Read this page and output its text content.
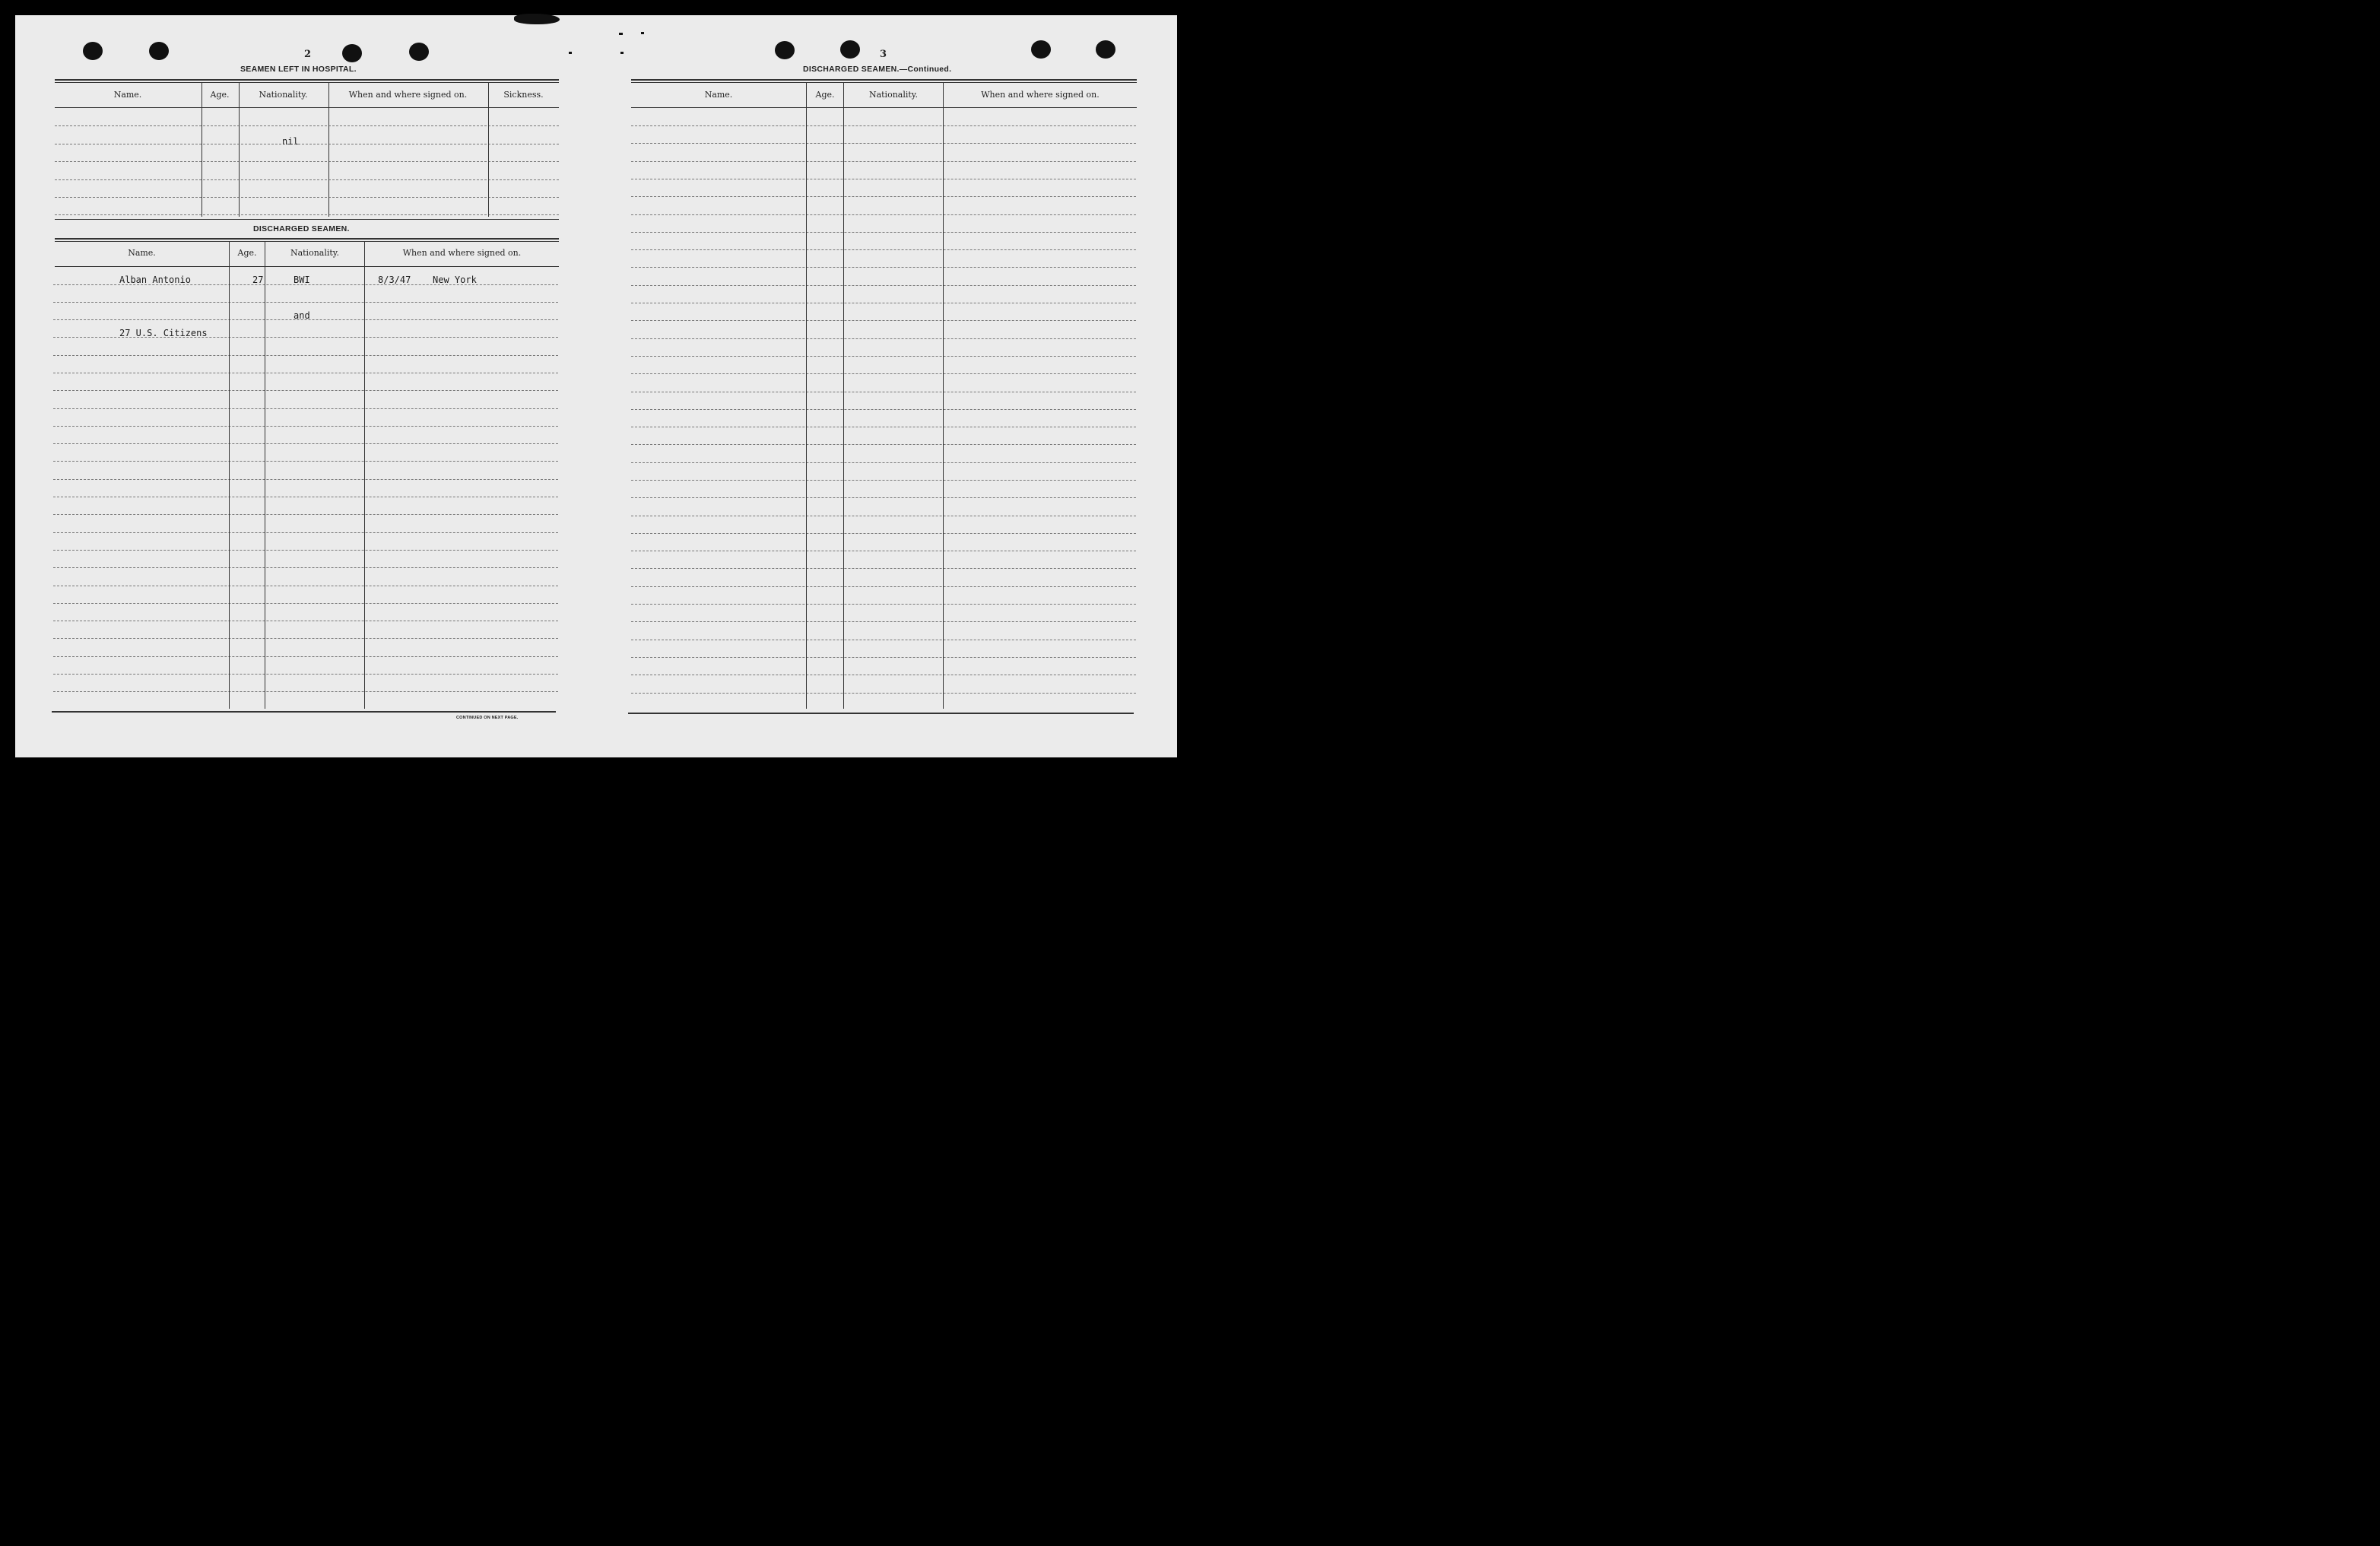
2
SEAMEN LEFT IN HOSPITAL.
Name.	Age.	Nationality.	When and where signed on.	Sickness.
nil
DISCHARGED SEAMEN.
Name.	Age.	Nationality.	When and where signed on.
Alban Antonio	27	BWI	8/3/47 New York
and
27 U.S. Citizens
CONTINUED ON NEXT PAGE.
3
DISCHARGED SEAMEN.—Continued.
Name.	Age.	Nationality.	When and where signed on.
